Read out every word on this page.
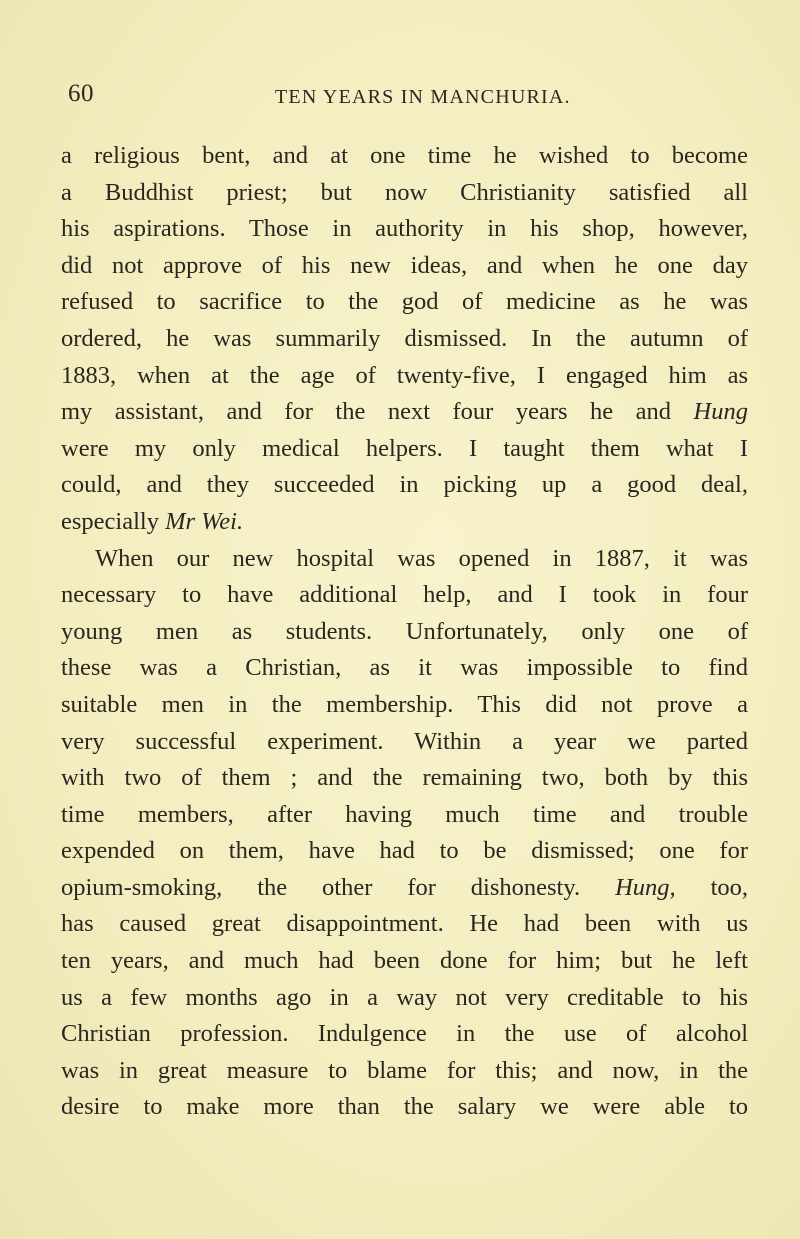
60	TEN YEARS IN MANCHURIA.
a religious bent, and at one time he wished to become
a Buddhist priest; but now Christianity satisfied all
his aspirations. Those in authority in his shop, however,
did not approve of his new ideas, and when he one day
refused to sacrifice to the god of medicine as he was
ordered, he was summarily dismissed. In the autumn of
1883, when at the age of twenty-five, I engaged him as
my assistant, and for the next four years he and Hung
were my only medical helpers. I taught them what I
could, and they succeeded in picking up a good deal,
especially Mr Wei.
When our new hospital was opened in 1887, it was
necessary to have additional help, and I took in four
young men as students. Unfortunately, only one of
these was a Christian, as it was impossible to find
suitable men in the membership. This did not prove a
very successful experiment. Within a year we parted
with two of them ; and the remaining two, both by this
time members, after having much time and trouble
expended on them, have had to be dismissed; one for
opium-smoking, the other for dishonesty. Hung, too,
has caused great disappointment. He had been with us
ten years, and much had been done for him; but he left
us a few months ago in a way not very creditable to his
Christian profession. Indulgence in the use of alcohol
was in great measure to blame for this; and now, in the
desire to make more than the salary we were able to
